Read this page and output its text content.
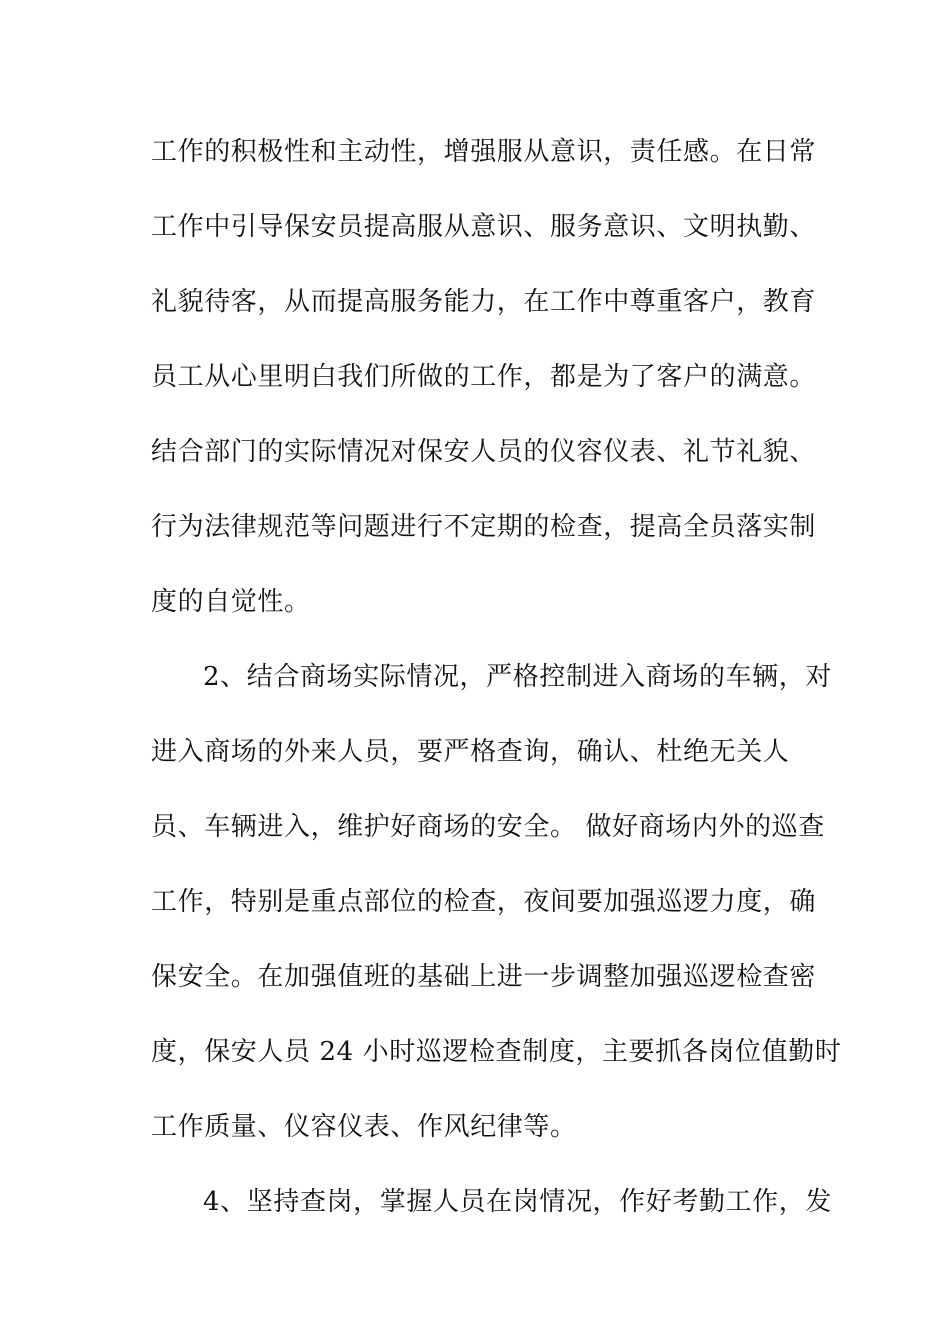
工作的积极性和主动性，增强服从意识，责任感。在日常
工作中引导保安员提高服从意识、服务意识、文明执勤、
礼貌待客，从而提高服务能力，在工作中尊重客户，教育
员工从心里明白我们所做的工作，都是为了客户的满意。
结合部门的实际情况对保安人员的仪容仪表、礼节礼貌、
行为法律规范等问题进行不定期的检查，提高全员落实制
度的自觉性。
2、结合商场实际情况，严格控制进入商场的车辆，对
进入商场的外来人员，要严格查询，确认、杜绝无关人
员、车辆进入，维护好商场的安全。 做好商场内外的巡查
工作，特别是重点部位的检查，夜间要加强巡逻力度，确
保安全。在加强值班的基础上进一步调整加强巡逻检查密
度，保安人员 24 小时巡逻检查制度，主要抓各岗位值勤时
工作质量、仪容仪表、作风纪律等。
4、坚持查岗，掌握人员在岗情况，作好考勤工作，发
